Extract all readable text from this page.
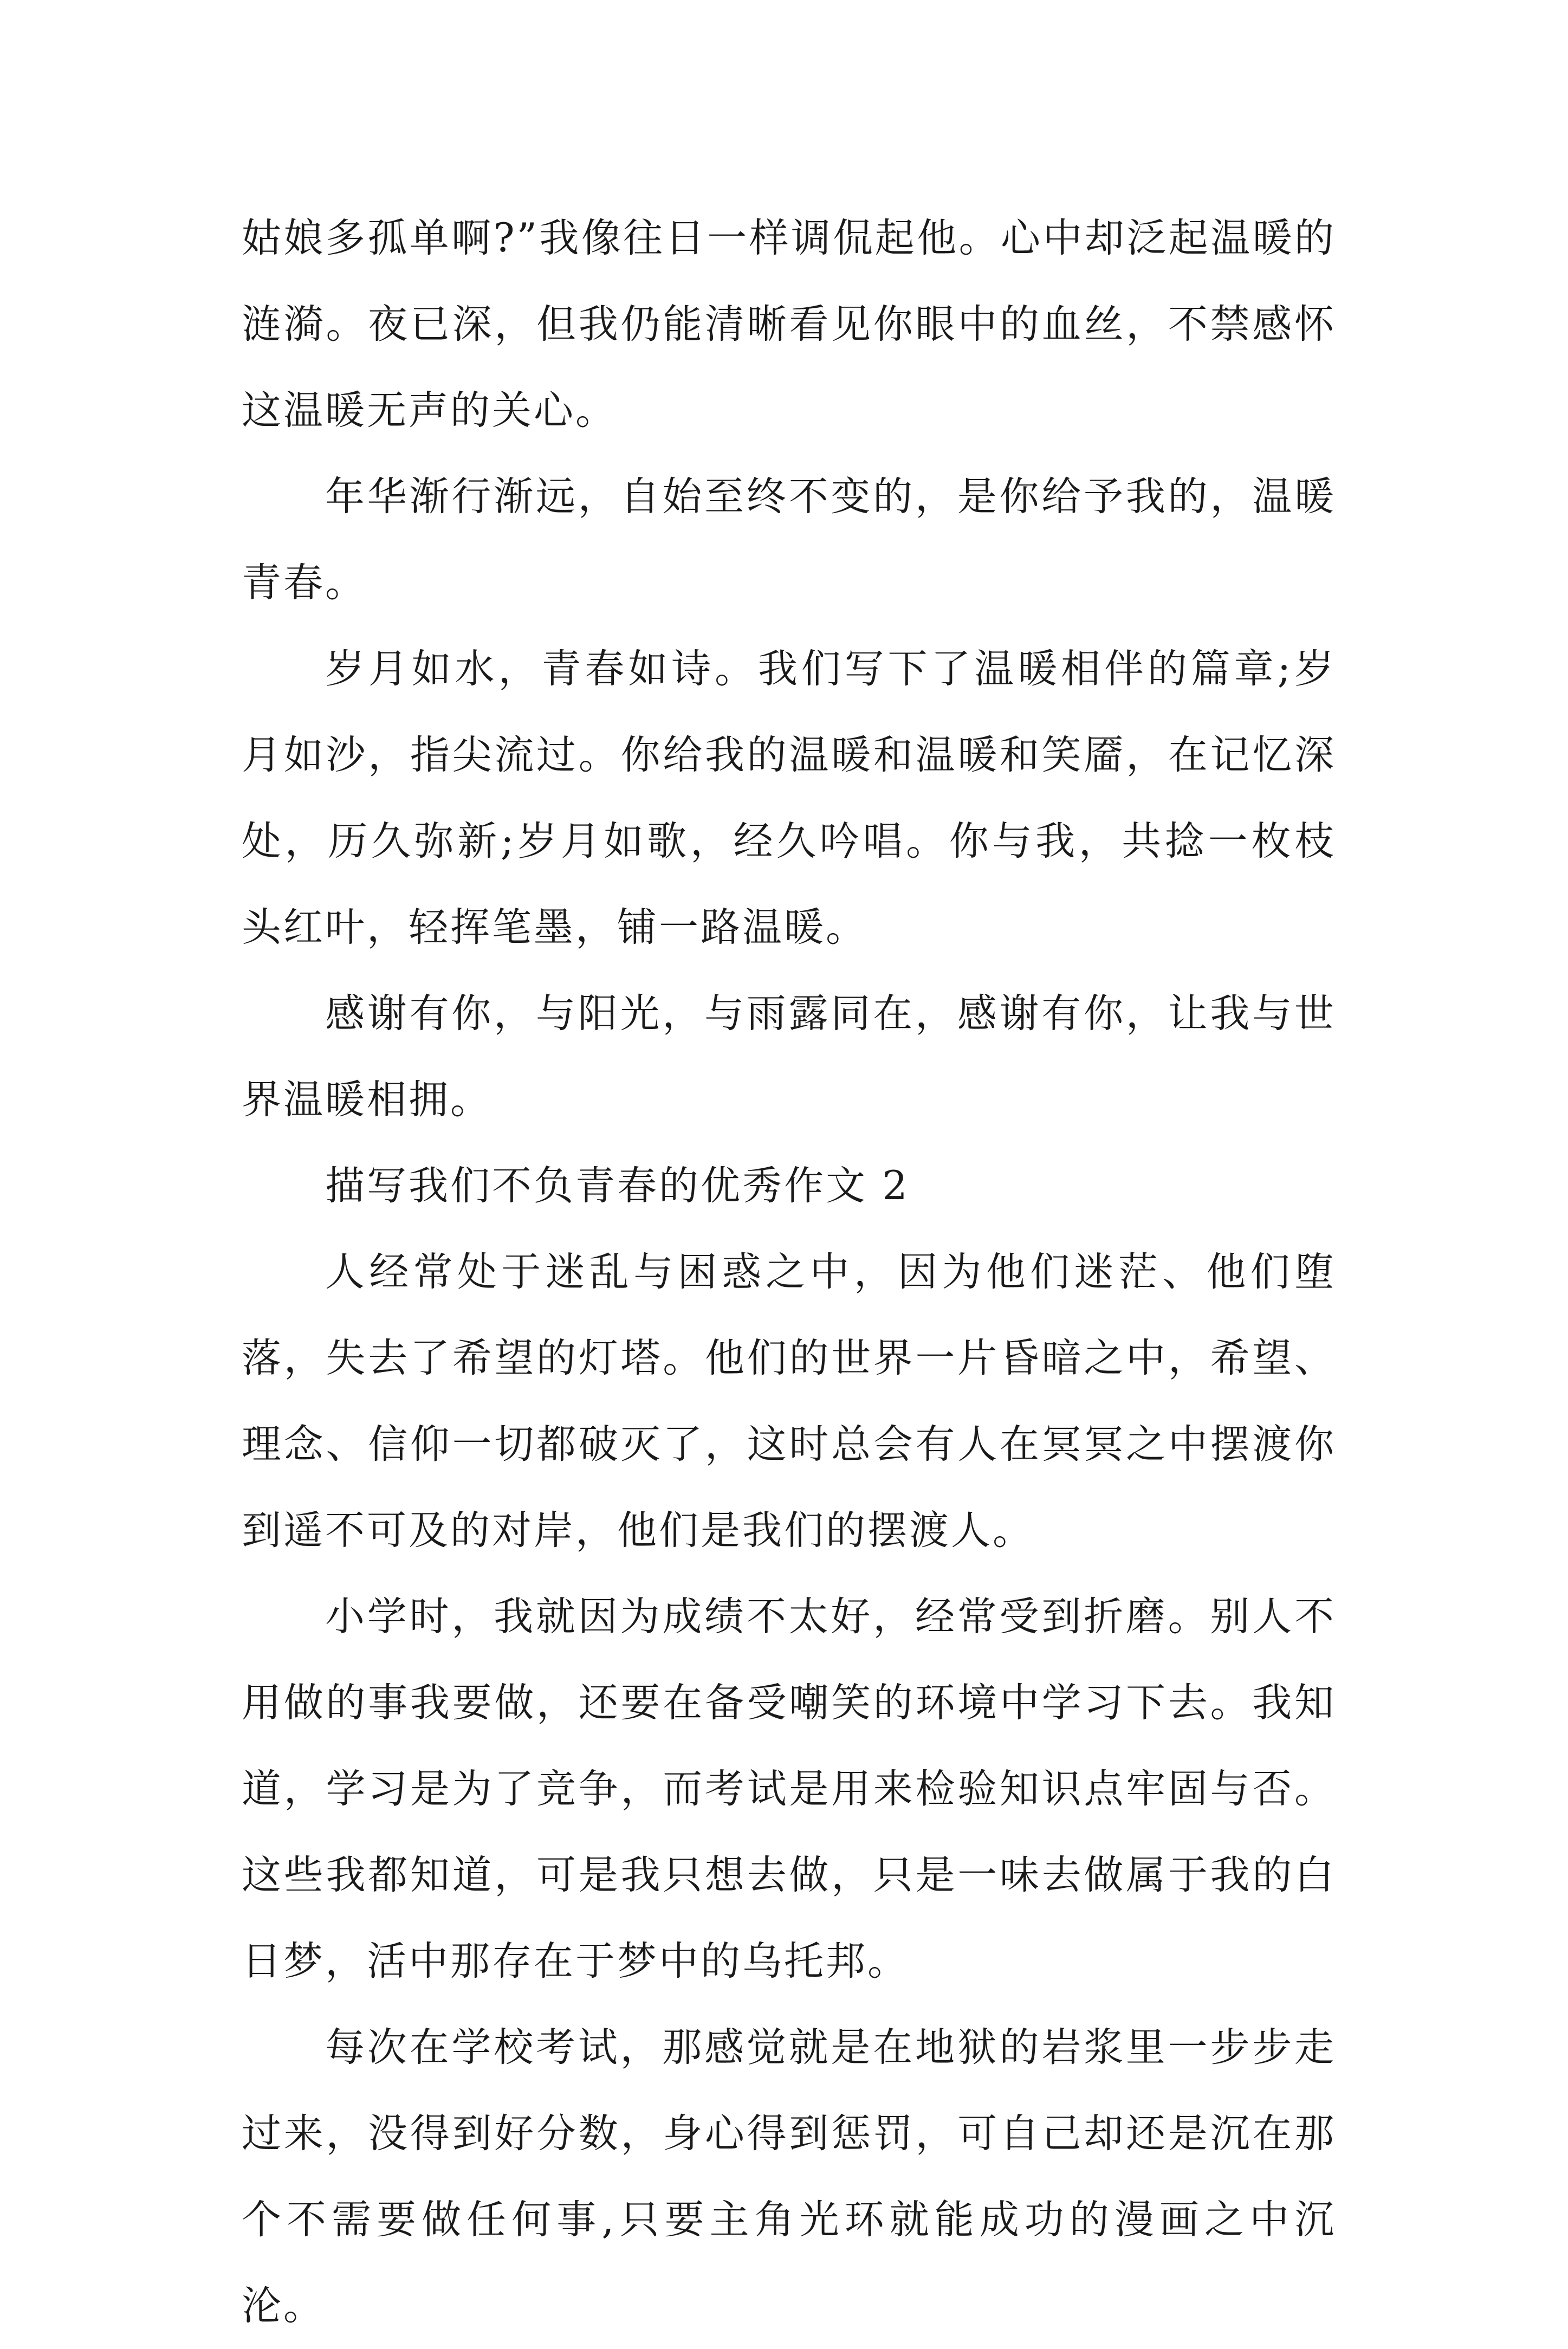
姑娘多孤单啊?”我像往日一样调侃起他。心中却泛起温暖的涟漪。夜已深，但我仍能清晰看见你眼中的血丝，不禁感怀这温暖无声的关心。

年华渐行渐远，自始至终不变的，是你给予我的，温暖青春。

岁月如水，青春如诗。我们写下了温暖相伴的篇章;岁月如沙，指尖流过。你给我的温暖和温暖和笑靥，在记忆深处，历久弥新;岁月如歌，经久吟唱。你与我，共捻一枚枝头红叶，轻挥笔墨，铺一路温暖。

感谢有你，与阳光，与雨露同在，感谢有你，让我与世界温暖相拥。

描写我们不负青春的优秀作文 2

人经常处于迷乱与困惑之中，因为他们迷茫、他们堕落，失去了希望的灯塔。他们的世界一片昏暗之中，希望、理念、信仰一切都破灭了，这时总会有人在冥冥之中摆渡你到遥不可及的对岸，他们是我们的摆渡人。

小学时，我就因为成绩不太好，经常受到折磨。别人不用做的事我要做，还要在备受嘲笑的环境中学习下去。我知道，学习是为了竞争，而考试是用来检验知识点牢固与否。这些我都知道，可是我只想去做，只是一味去做属于我的白日梦，活中那存在于梦中的乌托邦。

每次在学校考试，那感觉就是在地狱的岩浆里一步步走过来，没得到好分数，身心得到惩罚，可自己却还是沉在那个不需要做任何事,只要主角光环就能成功的漫画之中沉沦。
